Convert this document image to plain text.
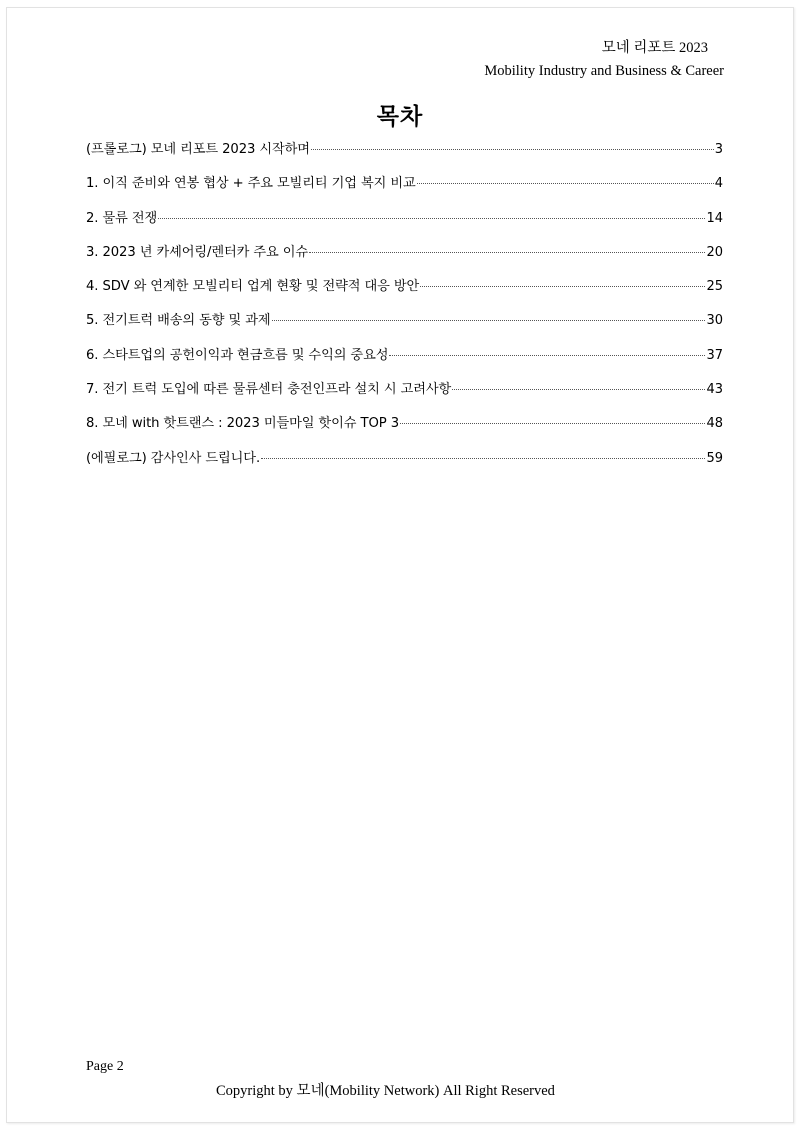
모네 리포트 2023
Mobility Industry and Business & Career
목차
(프롤로그) 모네 리포트 2023 시작하며	3
1. 이직 준비와 연봉 협상 + 주요 모빌리티 기업 복지 비교	4
2. 물류 전쟁	14
3. 2023 년 카셰어링/렌터카 주요 이슈	20
4. SDV 와 연계한 모빌리티 업계 현황 및 전략적 대응 방안	25
5. 전기트럭 배송의 동향 및 과제	30
6. 스타트업의 공헌이익과 현금흐름 및 수익의 중요성	37
7. 전기 트럭 도입에 따른 물류센터 충전인프라 설치 시 고려사항	43
8. 모네 with 핫트랜스 : 2023 미들마일 핫이슈 TOP 3	48
(에필로그) 감사인사 드립니다.	59
Page 2
Copyright by 모네(Mobility Network) All Right Reserved
